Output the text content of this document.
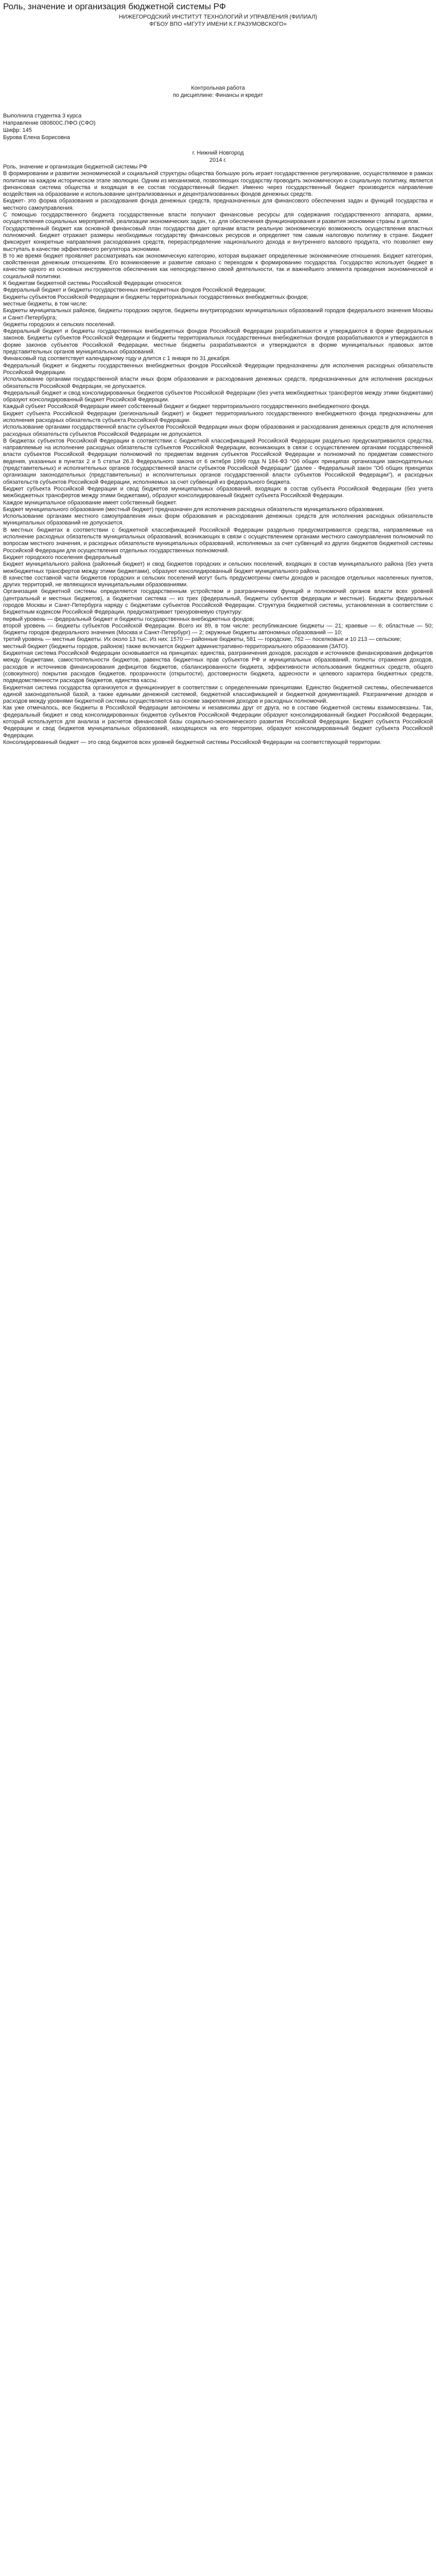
Роль, значение и организация бюджетной системы РФ
НИЖЕГОРОДСКИЙ ИНСТИТУТ ТЕХНОЛОГИЙ И УПРАВЛЕНИЯ (ФИЛИАЛ)
ФГБОУ ВПО «МГУТУ ИМЕНИ К.Г.РАЗУМОВСКОГО»
Контрольная работа
по дисциплине: Финансы и кредит
Выполнила студентка 3 курса
Направление 080800С.ПФО (СФО)
Шифр: 145
Бурова Елена Борисовна
г. Нижний Новгород
2014 г.

Роль, значение и организация бюджетной системы РФ

В формировании и развитии экономической и социальной структуры общества большую роль играет государственное регулирование, осуществляемое в рамках политики на каждом историческом этапе эволюции. Одним из механизмов, позволяющих государству проводить экономическую и социальную политику, является финансовая система общества и входящая в ее состав государственный бюджет. Именно через государственный бюджет производится направление воздействия на образование и использование централизованных и децентрализованных фондов денежных средств.

Бюджет- это форма образования и расходования фонда денежных средств, предназначенных для финансового обеспечения задач и функций государства и местного самоуправления.

С помощью государственного бюджета государственные власти получают финансовые ресурсы для содержания государственного аппарата, армии, осуществления социальных мероприятий, реализации экономических задач, т.е. для обеспечения функционирования и развития экономики страны в целом.

Государственный бюджет как основной финансовый план государства дает органам власти реальную экономическую возможность осуществления властных полномочий. Бюджет отражает размеры необходимых государству финансовых ресурсов и определяет тем самым налоговую политику в стране. Бюджет фиксирует конкретные направления расходования средств, перераспределение национального дохода и внутреннего валового продукта, что позволяет ему выступать в качестве эффективного регулятора экономики.

В то же время бюджет проявляет рассматривать как экономическую категорию, которая выражает определенные экономические отношения. Бюджет категория, свойственная денежным отношениям. Его возникновение и развитие связано с переходом к формированию государства. Государство использует бюджет в качестве одного из основных инструментов обеспечения как непосредственно своей деятельности, так и важнейшего элемента проведения экономической и социальной политики.

К бюджетам бюджетной системы Российской Федерации относятся:

Федеральный бюджет и бюджеты государственных внебюджетных фондов Российской Федерации;

Бюджеты субъектов Российской Федерации и бюджеты территориальных государственных внебюджетных фондов;

местные бюджеты, в том числе:

Бюджеты муниципальных районов, бюджеты городских округов, бюджеты внутригородских муниципальных образований городов федерального значения Москвы и Санкт-Петербурга;

бюджеты городских и сельских поселений.

Федеральный бюджет и бюджеты государственных внебюджетных фондов Российской Федерации разрабатываются и утверждаются в форме федеральных законов. Бюджеты субъектов Российской Федерации и бюджеты территориальных государственных внебюджетных фондов разрабатываются и утверждаются в форме законов субъектов Российской Федерации, местные бюджеты разрабатываются и утверждаются в форме муниципальных правовых актов представительных органов муниципальных образований.

Финансовый год соответствует календарному году и длится с 1 января по 31 декабря.

Федеральный бюджет и бюджеты государственных внебюджетных фондов Российской Федерации предназначены для исполнения расходных обязательств Российской Федерации.

Использование органами государственной власти иных форм образования и расходования денежных средств, предназначенных для исполнения расходных обязательств Российской Федерации, не допускается.

Федеральный бюджет и свод консолидированных бюджетов субъектов Российской Федерации (без учета межбюджетных трансфертов между этими бюджетами) образуют консолидированный бюджет Российской Федерации.

Каждый субъект Российской Федерации имеет собственный бюджет и бюджет территориального государственного внебюджетного фонда.

Бюджет субъекта Российской Федерации (региональный бюджет) и бюджет территориального государственного внебюджетного фонда предназначены для исполнения расходных обязательств субъекта Российской Федерации.

Использование органами государственной власти субъектов Российской Федерации иных форм образования и расходования денежных средств для исполнения расходных обязательств субъектов Российской Федерации не допускается.

В бюджетах субъектов Российской Федерации в соответствии с бюджетной классификацией Российской Федерации раздельно предусматриваются средства, направляемые на исполнение расходных обязательств субъектов Российской Федерации, возникающих в связи с осуществлением органами государственной власти субъектов Российской Федерации полномочий по предметам ведения субъектов Российской Федерации и полномочий по предметам совместного ведения, указанных в пунктах 2 и 5 статьи 26.3 Федерального закона от 6 октября 1999 года N 184-ФЗ "Об общих принципах организации законодательных (представительных) и исполнительных органов государственной власти субъектов Российской Федерации" (далее - Федеральный закон "Об общих принципах организации законодательных (представительных) и исполнительных органов государственной власти субъектов Российской Федерации"), и расходных обязательств субъектов Российской Федерации, исполняемых за счет субвенций из федерального бюджета.

Бюджет субъекта Российской Федерации и свод бюджетов муниципальных образований, входящих в состав субъекта Российской Федерации (без учета межбюджетных трансфертов между этими бюджетами), образуют консолидированный бюджет субъекта Российской Федерации.

Каждое муниципальное образование имеет собственный бюджет.

Бюджет муниципального образования (местный бюджет) предназначен для исполнения расходных обязательств муниципального образования.

Использование органами местного самоуправления иных форм образования и расходования денежных средств для исполнения расходных обязательств муниципальных образований не допускается.

В местных бюджетах в соответствии с бюджетной классификацией Российской Федерации раздельно предусматриваются средства, направляемые на исполнение расходных обязательств муниципальных образований, возникающих в связи с осуществлением органами местного самоуправления полномочий по вопросам местного значения, и расходных обязательств муниципальных образований, исполняемых за счет субвенций из других бюджетов бюджетной системы Российской Федерации для осуществления отдельных государственных полномочий.

Бюджет городского поселения федеральный

Бюджет муниципального района (районный бюджет) и свод бюджетов городских и сельских поселений, входящих в состав муниципального района (без учета межбюджетных трансфертов между этими бюджетами), образуют консолидированный бюджет муниципального района.

В качестве составной части бюджетов городских и сельских поселений могут быть предусмотрены сметы доходов и расходов отдельных населенных пунктов, других территорий, не являющихся муниципальными образованиями.

Организация бюджетной системы определяется государственным устройством и разграничением функций и полномочий органов власти всех уровней (центральный и местных бюджетов), а бюджетная система — из трех (федеральный, бюджеты субъектов федерации и местные). Бюджеты федеральных городов Москвы и Санкт-Петербурга наряду с бюджетами субъектов Российской Федерации. Структура бюджетной системы, установленная в соответствии с Бюджетным кодексом Российской Федерации, предусматривает трехуровневую структуру:

первый уровень — федеральный бюджет и бюджеты государственных внебюджетных фондов;

второй уровень — бюджеты субъектов Российской Федерации. Всего их 89, в том числе: республиканские бюджеты — 21; краевые — 6; областные — 50; бюджеты городов федерального значения (Москва и Санкт-Петербург) — 2; окружные бюджеты автономных образований — 10;

третий уровень — местные бюджеты. Их около 13 тыс. Из них: 1570 — районные бюджеты, 581 — городские, 762 — поселковые и 10 213 — сельские;

местный бюджет (бюджеты городов, районов) также включается бюджет административно-территориального образования (ЗАТО).

Бюджетная система Российской Федерации основывается на принципах: единства, разграничения доходов, расходов и источников финансирования дефицитов между бюджетами, самостоятельности бюджетов, равенства бюджетных прав субъектов РФ и муниципальных образований, полноты отражения доходов, расходов и источников финансирования дефицитов бюджетов, сбалансированности бюджета, эффективности использования бюджетных средств, общего (совокупного) покрытия расходов бюджетов, прозрачности (открытости), достоверности бюджета, адресности и целевого характера бюджетных средств, подведомственности расходов бюджетов, единства кассы.

Бюджетная система государства организуется и функционирует в соответствии с определенными принципами. Единство бюджетной системы, обеспечивается единой законодательной базой, а также едиными денежной системой, бюджетной классификацией и бюджетной документацией. Разграничение доходов и расходов между уровнями бюджетной системы осуществляется на основе закрепления доходов и расходных полномочий.

Как уже отмечалось, все бюджеты в Российской Федерации автономны и независимы друг от друга, но в составе бюджетной системы взаимосвязаны. Так, федеральный бюджет и свод консолидированных бюджетов субъектов Российской Федерации образуют консолидированный бюджет Российской Федерации, который используется для анализа и расчетов финансовой базы социально-экономического развития Российской Федерации. Бюджет субъекта Российской Федерации и свод бюджетов муниципальных образований, находящихся на его территории, образуют консолидированный бюджет субъекта Российской Федерации.

Консолидированный бюджет — это свод бюджетов всех уровней бюджетной системы Российской Федерации на соответствующей территории.
